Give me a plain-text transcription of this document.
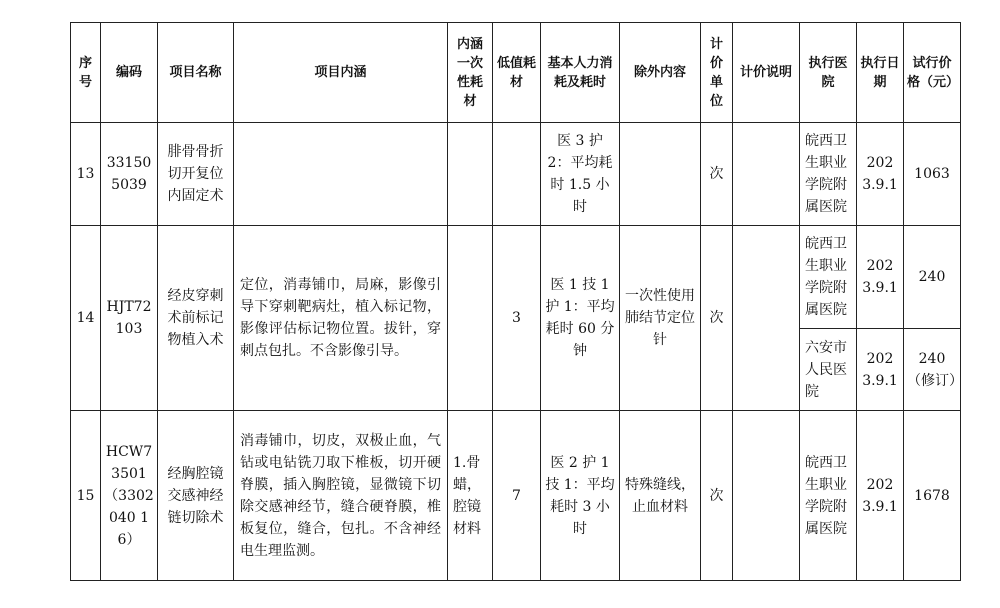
序号	编码	项目名称	项目内涵	内涵一次性耗材	低值耗材	基本人力消耗及耗时	除外内容	计价单位	计价说明	执行医院	执行日期	试行价格（元）
13	331505039	腓骨骨折切开复位内固定术				医 3 护 2：平均耗时 1.5 小时		次		皖西卫生职业学院附属医院	2023.9.1	1063
14	HJT72103	经皮穿刺术前标记物植入术	定位，消毒铺巾，局麻，影像引导下穿刺靶病灶，植入标记物，影像评估标记物位置。拔针，穿刺点包扎。不含影像引导。		3	医 1 技 1 护 1：平均耗时 60 分钟	一次性使用肺结节定位针	次		皖西卫生职业学院附属医院	2023.9.1	240
										六安市人民医院	2023.9.1	240（修订）
15	HCW73501（3302040 16）	经胸腔镜交感神经链切除术	消毒铺巾，切皮，双极止血，气钻或电钻铣刀取下椎板，切开硬脊膜，插入胸腔镜，显微镜下切除交感神经节，缝合硬脊膜，椎板复位，缝合，包扎。不含神经电生理监测。	1.骨蜡，腔镜材料	7	医 2 护 1 技 1：平均耗时 3 小时	特殊缝线，止血材料	次		皖西卫生职业学院附属医院	2023.9.1	1678
